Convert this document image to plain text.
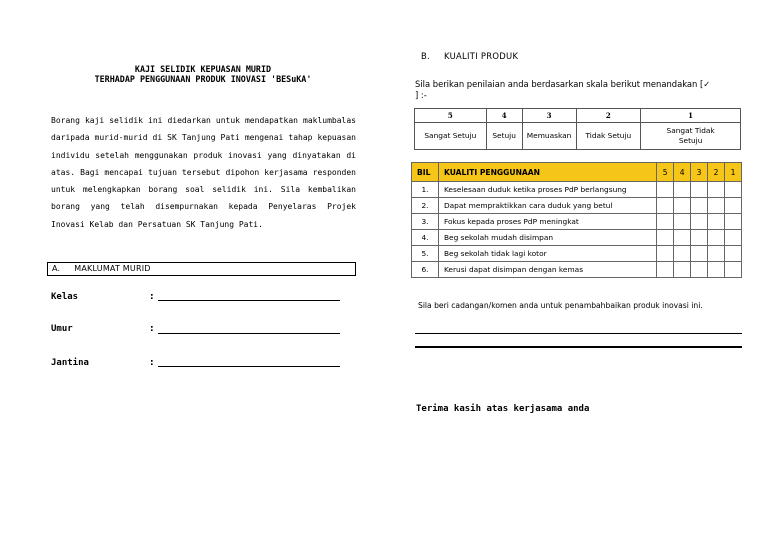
KAJI SELIDIK KEPUASAN MURID
TERHADAP PENGGUNAAN PRODUK INOVASI 'BESuKA'
Borang kaji selidik ini diedarkan untuk mendapatkan maklumbalas daripada murid-murid di SK Tanjung Pati mengenai tahap kepuasan individu setelah menggunakan produk inovasi yang dinyatakan di atas. Bagi mencapai tujuan tersebut dipohon kerjasama responden untuk melengkapkan borang soal selidik ini. Sila kembalikan borang yang telah disempurnakan kepada Penyelaras Projek Inovasi Kelab dan Persatuan SK Tanjung Pati.
A. MAKLUMAT MURID
Kelas	:
Umur	:
Jantina	:
B. KUALITI PRODUK
Sila berikan penilaian anda berdasarkan skala berikut menandakan [✓ ] :-
5	4	3	2	1
Sangat Setuju	Setuju	Memuaskan	Tidak Setuju	Sangat Tidak Setuju
BIL	KUALITI PENGGUNAAN	5	4	3	2	1
1.	Keselesaan duduk ketika proses PdP berlangsung					
2.	Dapat mempraktikkan cara duduk yang betul					
3.	Fokus kepada proses PdP meningkat					
4.	Beg sekolah mudah disimpan					
5.	Beg sekolah tidak lagi kotor					
6.	Kerusi dapat disimpan dengan kemas					
Sila beri cadangan/komen anda untuk penambahbaikan produk inovasi ini.
Terima kasih atas kerjasama anda
